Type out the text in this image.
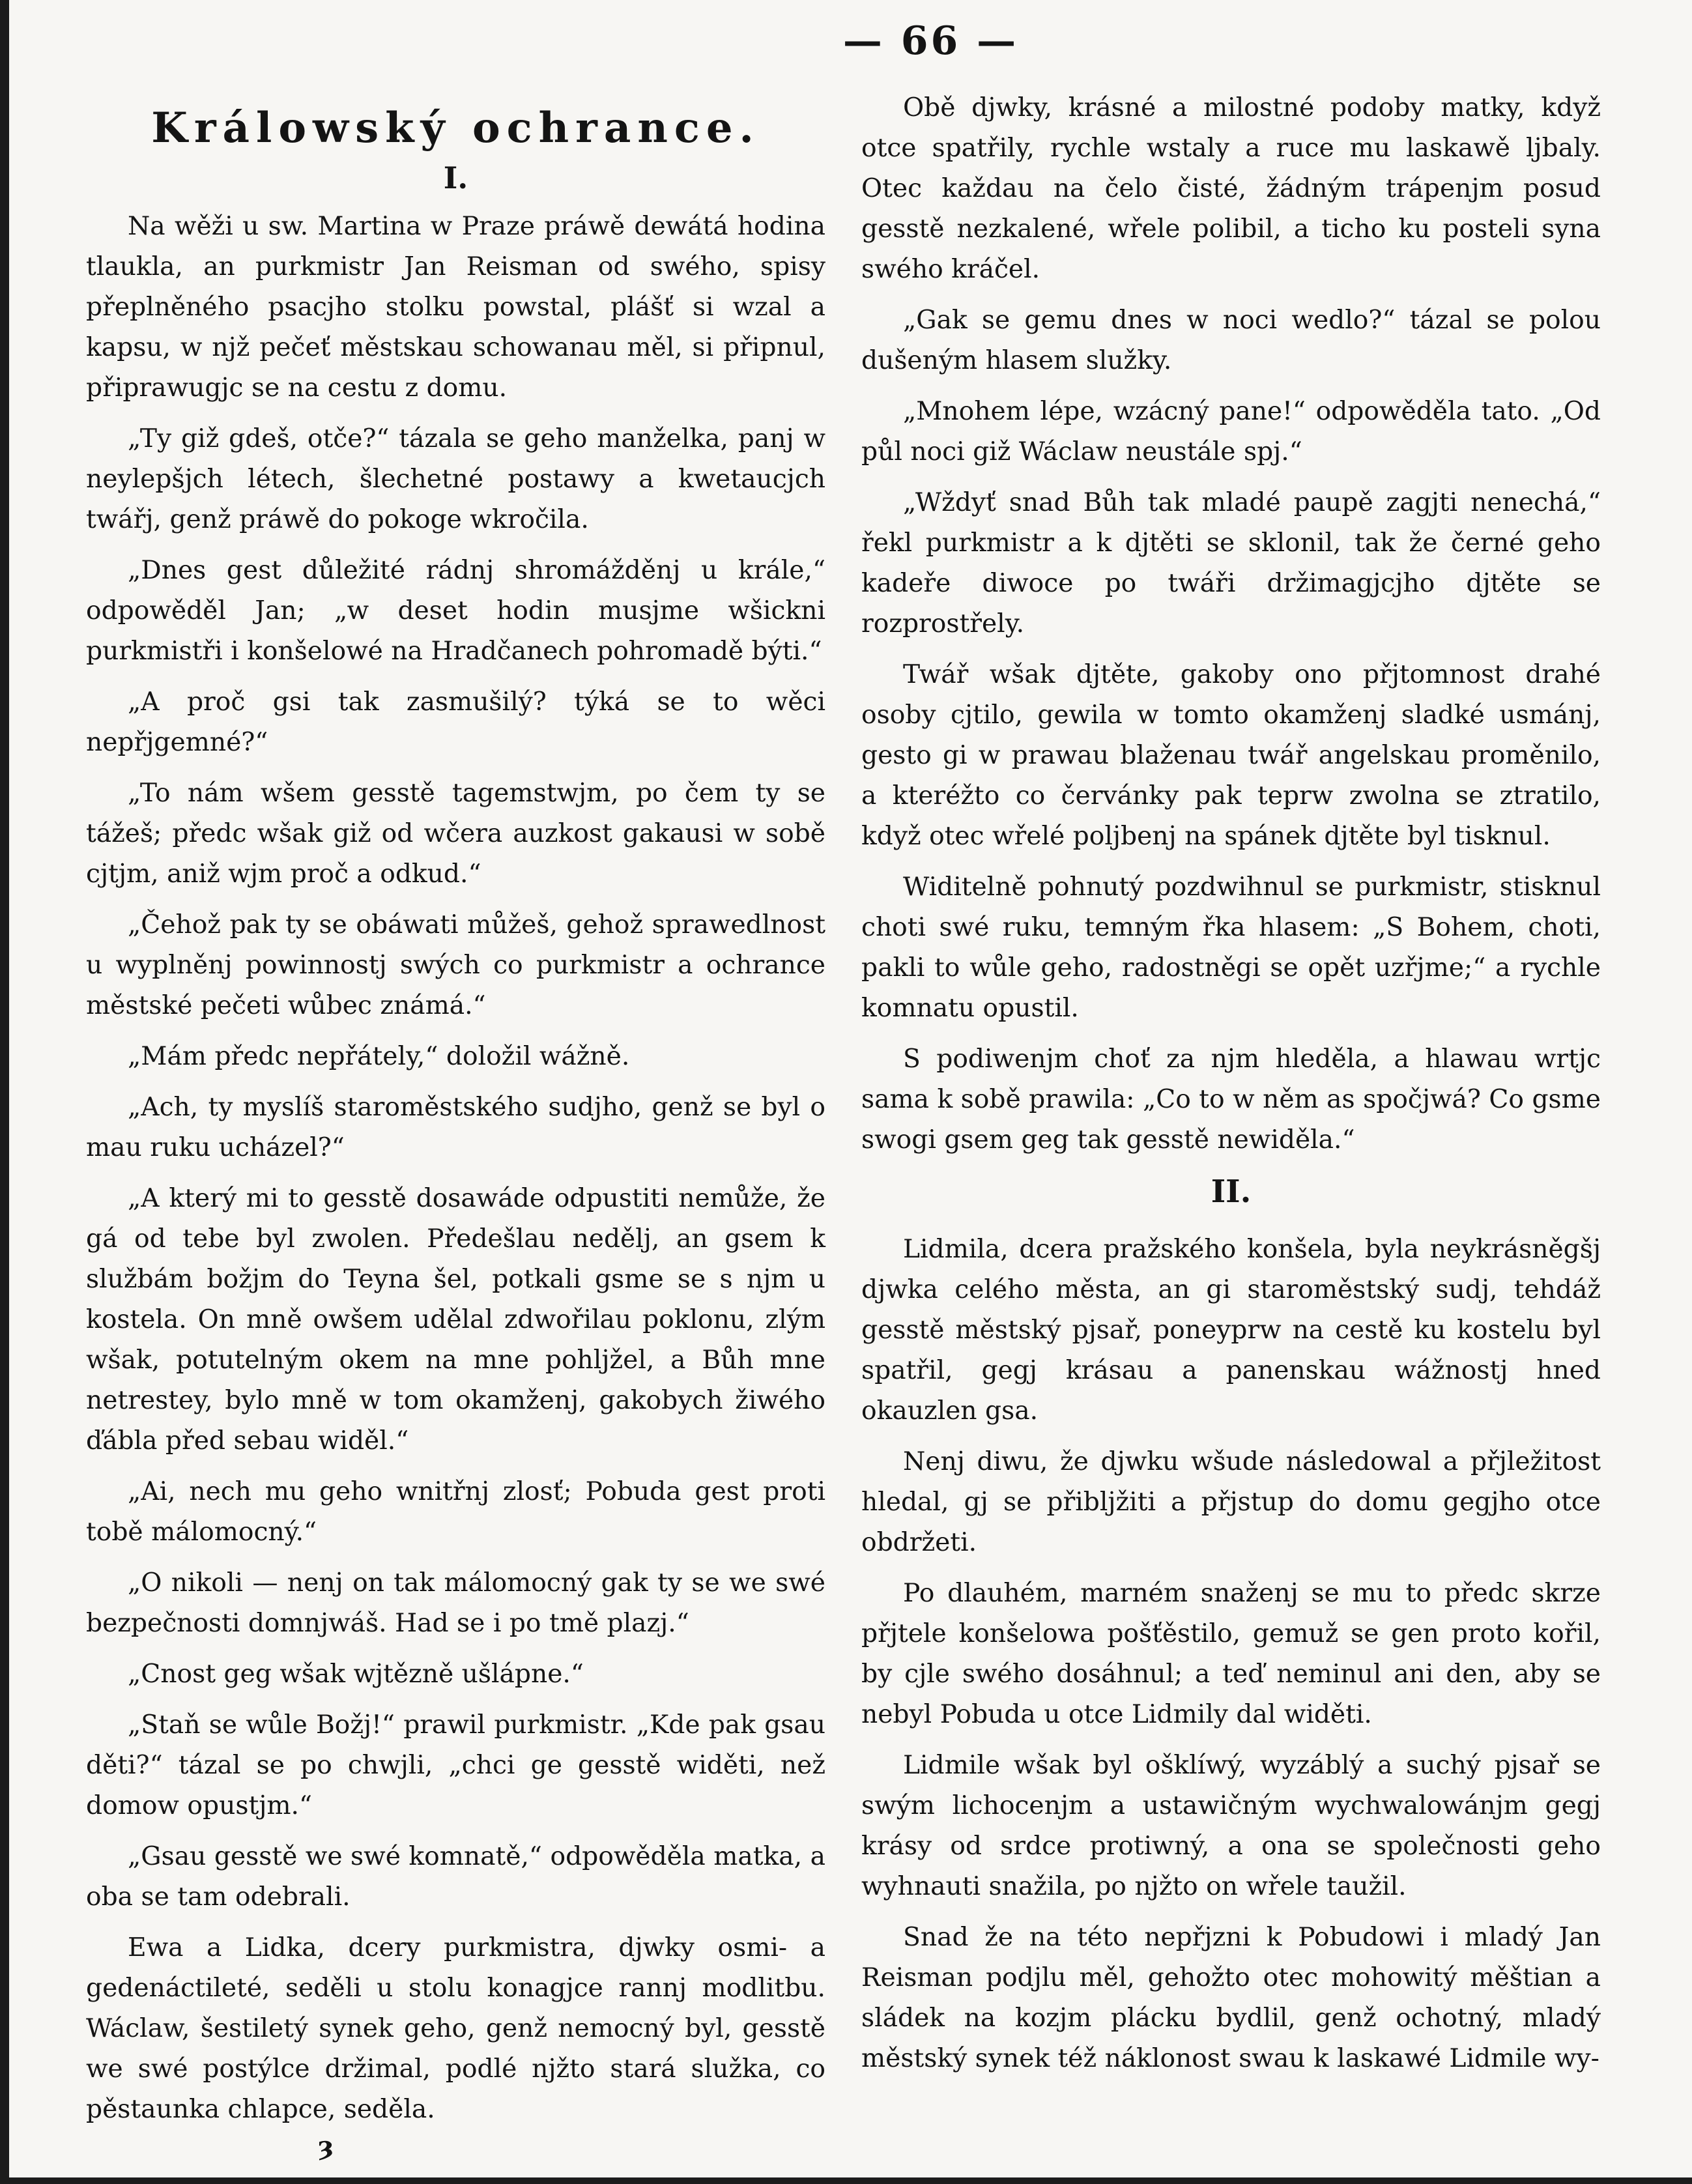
— 66 —
Králowský ochrance.
I.

Na wěži u sw. Martina w Praze práwě dewátá hodina tlaukla, an purkmistr Jan Reisman od swého, spisy přeplněného psacjho stolku powstal, plášť si wzal a kapsu, w njž pečeť městskau schowanau měl, si připnul, připrawugjc se na cestu z domu.

„Ty giž gdeš, otče?“ tázala se geho manželka, panj w neylepšjch létech, šlechetné postawy a kwetaucjch twářj, genž práwě do pokoge wkročila.

„Dnes gest důležité rádnj shromážděnj u krále,“ odpowěděl Jan; „w deset hodin musjme wšickni purkmistři i konšelowé na Hradčanech pohromadě býti.“

„A proč gsi tak zasmušilý? týká se to wěci nepřjgemné?“

„To nám wšem gesstě tagemstwjm, po čem ty se tážeš; předc wšak giž od wčera auzkost gakausi w sobě cjtjm, aniž wjm proč a odkud.“

„Čehož pak ty se obáwati můžeš, gehož sprawedlnost u wyplněnj powinnostj swých co purkmistr a ochrance městské pečeti wůbec známá.“

„Mám předc nepřátely,“ doložil wážně.

„Ach, ty myslíš staroměstského sudjho, genž se byl o mau ruku ucházel?“

„A který mi to gesstě dosawáde odpustiti nemůže, že gá od tebe byl zwolen. Předešlau nedělj, an gsem k službám božjm do Teyna šel, potkali gsme se s njm u kostela. On mně owšem udělal zdwořilau poklonu, zlým wšak, potutelným okem na mne pohljžel, a Bůh mne netrestey, bylo mně w tom okamženj, gakobych žiwého ďábla před sebau widěl.“

„Ai, nech mu geho wnitřnj zlosť; Pobuda gest proti tobě málomocný.“

„O nikoli — nenj on tak málomocný gak ty se we swé bezpečnosti domnjwáš. Had se i po tmě plazj.“

„Cnost geg wšak wjtězně ušlápne.“

„Staň se wůle Božj!“ prawil purkmistr. „Kde pak gsau děti?“ tázal se po chwjli, „chci ge gesstě widěti, než domow opustjm.“

„Gsau gesstě we swé komnatě,“ odpowěděla matka, a oba se tam odebrali.

Ewa a Lidka, dcery purkmistra, djwky osmi- a gedenáctileté, seděli u stolu konagjce rannj modlitbu. Wáclaw, šestiletý synek geho, genž nemocný byl, gesstě we swé postýlce držimal, podlé njžto stará služka, co pěstaunka chlapce, seděla.

Obě djwky, krásné a milostné podoby matky, když otce spatřily, rychle wstaly a ruce mu laskawě ljbaly. Otec každau na čelo čisté, žádným trápenjm posud gesstě nezkalené, wřele polibil, a ticho ku posteli syna swého kráčel.

„Gak se gemu dnes w noci wedlo?“ tázal se polou dušeným hlasem služky.

„Mnohem lépe, wzácný pane!“ odpowěděla tato. „Od půl noci giž Wáclaw neustále spj.“

„Wždyť snad Bůh tak mladé paupě zagjti nenechá,“ řekl purkmistr a k djtěti se sklonil, tak že černé geho kadeře diwoce po twáři držimagjcjho djtěte se rozprostřely.

Twář wšak djtěte, gakoby ono přjtomnost drahé osoby cjtilo, gewila w tomto okamženj sladké usmánj, gesto gi w prawau blaženau twář angelskau proměnilo, a kteréžto co červánky pak teprw zwolna se ztratilo, když otec wřelé poljbenj na spánek djtěte byl tisknul.

Widitelně pohnutý pozdwihnul se purkmistr, stisknul choti swé ruku, temným řka hlasem: „S Bohem, choti, pakli to wůle geho, radostněgi se opět uzřjme;“ a rychle komnatu opustil.

S podiwenjm choť za njm hleděla, a hlawau wrtjc sama k sobě prawila: „Co to w něm as spočjwá? Co gsme swogi gsem geg tak gesstě newiděla.“

II.

Lidmila, dcera pražského konšela, byla neykrásněgšj djwka celého města, an gi staroměstský sudj, tehdáž gesstě městský pjsař, poneyprw na cestě ku kostelu byl spatřil, gegj krásau a panenskau wážnostj hned okauzlen gsa.

Nenj diwu, že djwku wšude následowal a přjležitost hledal, gj se přibljžiti a přjstup do domu gegjho otce obdržeti.

Po dlauhém, marném snaženj se mu to předc skrze přjtele konšelowa pošťěstilo, gemuž se gen proto kořil, by cjle swého dosáhnul; a teď neminul ani den, aby se nebyl Pobuda u otce Lidmily dal widěti.

Lidmile wšak byl ošklíwý, wyzáblý a suchý pjsař se swým lichocenjm a ustawičným wychwalowánjm gegj krásy od srdce protiwný, a ona se společnosti geho wyhnauti snažila, po njžto on wřele taužil.

Snad že na této nepřjzni k Pobudowi i mladý Jan Reisman podjlu měl, gehožto otec mohowitý měštian a sládek na kozjm plácku bydlil, genž ochotný, mladý městský synek též náklonost swau k laskawé Lidmile wy-

ȝ
